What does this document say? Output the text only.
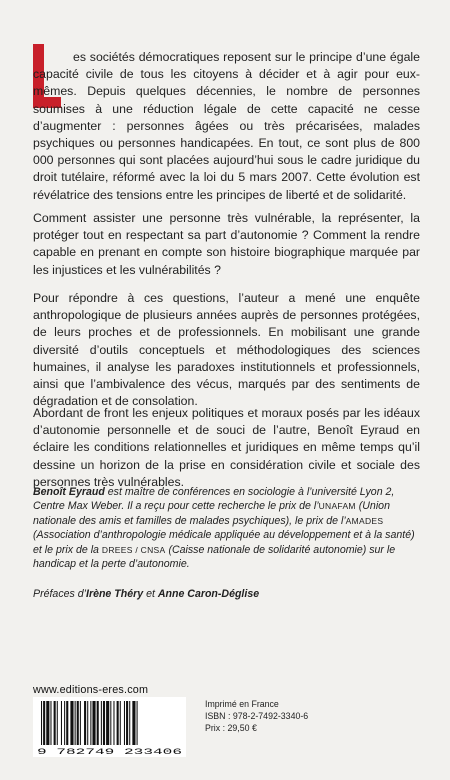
es sociétés démocratiques reposent sur le principe d’une égale capacité civile de tous les citoyens à décider et à agir pour eux-mêmes. Depuis quelques décennies, le nombre de personnes soumises à une réduction légale de cette capacité ne cesse d’augmenter : personnes âgées ou très précarisées, malades psychiques ou personnes handicapées. En tout, ce sont plus de 800 000 personnes qui sont placées aujourd’hui sous le cadre juridique du droit tutélaire, réformé avec la loi du 5 mars 2007. Cette évolution est révélatrice des tensions entre les principes de liberté et de solidarité.

Comment assister une personne très vulnérable, la représenter, la protéger tout en respectant sa part d’autonomie ? Comment la rendre capable en prenant en compte son histoire biographique marquée par les injustices et les vulnérabilités ?

Pour répondre à ces questions, l’auteur a mené une enquête anthropologique de plusieurs années auprès de personnes protégées, de leurs proches et de professionnels. En mobilisant une grande diversité d’outils conceptuels et méthodologiques des sciences humaines, il analyse les paradoxes institutionnels et professionnels, ainsi que l’ambivalence des vécus, marqués par des sentiments de dégradation et de consolation.

Abordant de front les enjeux politiques et moraux posés par les idéaux d’autonomie personnelle et de souci de l’autre, Benoît Eyraud en éclaire les conditions relationnelles et juridiques en même temps qu’il dessine un horizon de la prise en considération civile et sociale des personnes très vulnérables.

Benoît Eyraud est maître de conférences en sociologie à l’université Lyon 2, Centre Max Weber. Il a reçu pour cette recherche le prix de l’UNAFAM (Union nationale des amis et familles de malades psychiques), le prix de l’AMADES (Association d’anthropologie médicale appliquée au développement et à la santé) et le prix de la DREES / CNSA (Caisse nationale de solidarité autonomie) sur le handicap et la perte d’autonomie.

Préfaces d’Irène Théry et Anne Caron-Déglise

www.editions-eres.com
9 782749 233406
Imprimé en France
ISBN : 978-2-7492-3340-6
Prix : 29,50 €
